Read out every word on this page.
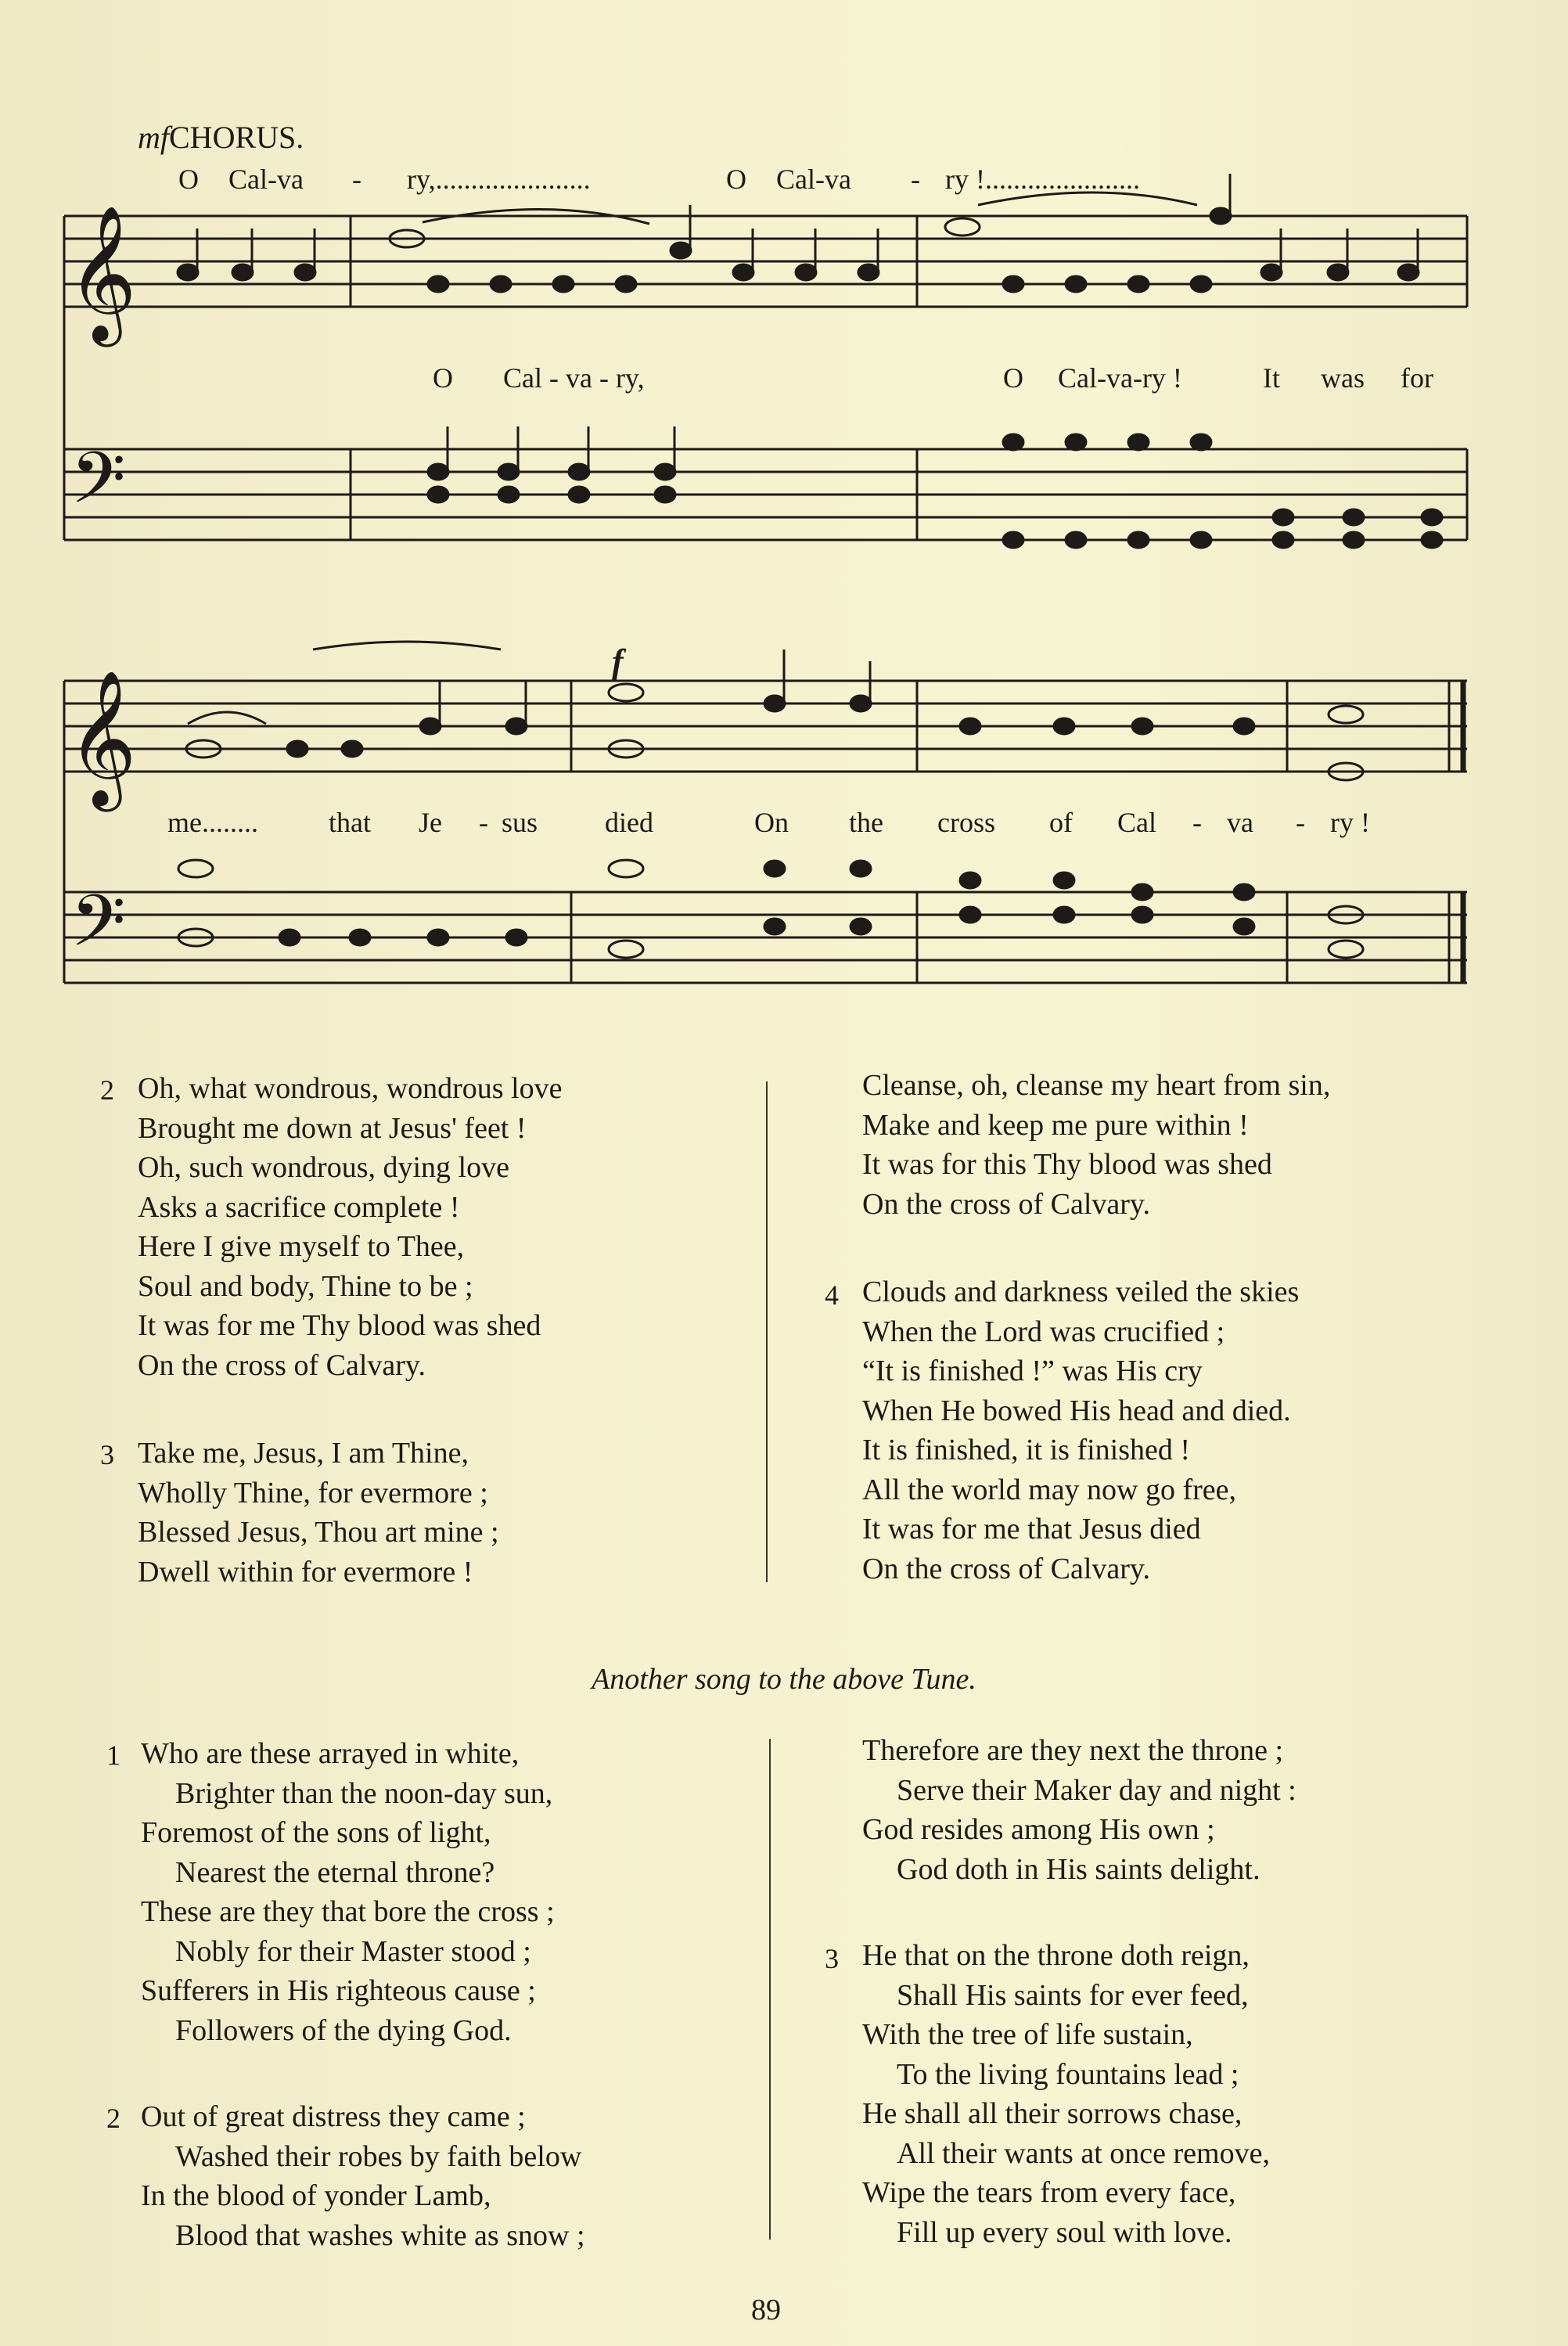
𝄞
𝄢
𝄞
𝄢
mfCHORUS.
O Cal-va - ry,......................	O Cal-va - ry !......................
O Cal - va - ry,	O Cal-va-ry !	It was for
f
me........	that Je - sus died	On the cross of Cal - va - ry !
2 Oh, what wondrous, wondrous love
Brought me down at Jesus' feet !
Oh, such wondrous, dying love
Asks a sacrifice complete !
Here I give myself to Thee,
Soul and body, Thine to be ;
It was for me Thy blood was shed
On the cross of Calvary.
3 Take me, Jesus, I am Thine,
Wholly Thine, for evermore ;
Blessed Jesus, Thou art mine ;
Dwell within for evermore !
Cleanse, oh, cleanse my heart from sin,
Make and keep me pure within !
It was for this Thy blood was shed
On the cross of Calvary.
4 Clouds and darkness veiled the skies
When the Lord was crucified ;
“It is finished !” was His cry
When He bowed His head and died.
It is finished, it is finished !
All the world may now go free,
It was for me that Jesus died
On the cross of Calvary.
Another song to the above Tune.
1 Who are these arrayed in white,
Brighter than the noon-day sun,
Foremost of the sons of light,
Nearest the eternal throne?
These are they that bore the cross ;
Nobly for their Master stood ;
Sufferers in His righteous cause ;
Followers of the dying God.
2 Out of great distress they came ;
Washed their robes by faith below
In the blood of yonder Lamb,
Blood that washes white as snow ;
Therefore are they next the throne ;
Serve their Maker day and night :
God resides among His own ;
God doth in His saints delight.
3 He that on the throne doth reign,
Shall His saints for ever feed,
With the tree of life sustain,
To the living fountains lead ;
He shall all their sorrows chase,
All their wants at once remove,
Wipe the tears from every face,
Fill up every soul with love.
89
